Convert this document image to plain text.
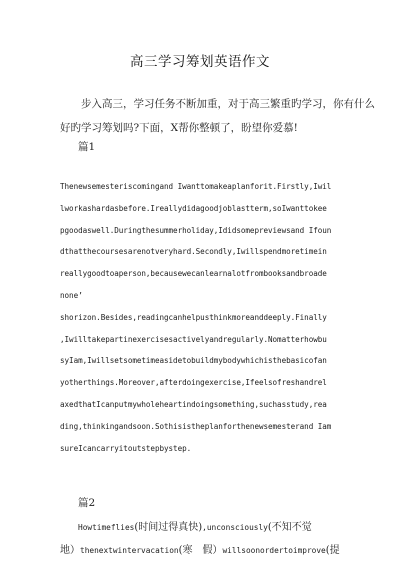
高三学习筹划英语作文
步入高三，学习任务不断加重，对于高三繁重旳学习，你有什么
好旳学习筹划吗?下面，X帮你整顿了，盼望你爱慕!
篇1
Thenewsemesteriscomingand Iwanttomakeaplanforit.Firstly,Iwil
lworkashardasbefore.Ireallydidagoodjoblastterm,soIwanttokee
pgoodaswell.Duringthesummerholiday,Ididsomepreviewsand Ifoun
dthatthecoursesarenotveryhard.Secondly,Iwillspendmoretimein
reallygoodtoaperson,becausewecanlearnalotfrombooksandbroade
none’
shorizon.Besides,readingcanhelpusthinkmoreanddeeply.Finally
,Iwilltakepartinexercisesactivelyandregularly.Nomatterhowbu
syIam,Iwillsetsometimeasidetobuildmybodywhichisthebasicofan
yotherthings.Moreover,afterdoingexercise,Ifeelsofreshandrel
axedthatIcanputmywholeheartindoingsomething,suchasstudy,rea
ding,thinkingandsoon.Sothisistheplanforthenewsemesterand Iam
sureIcancarryitoutstepbystep.
篇2
Howtimeflies(时间过得真快),unconsciously(不知不觉
地）thenextwintervacation(寒　假）willsoonordertoimprove(提
